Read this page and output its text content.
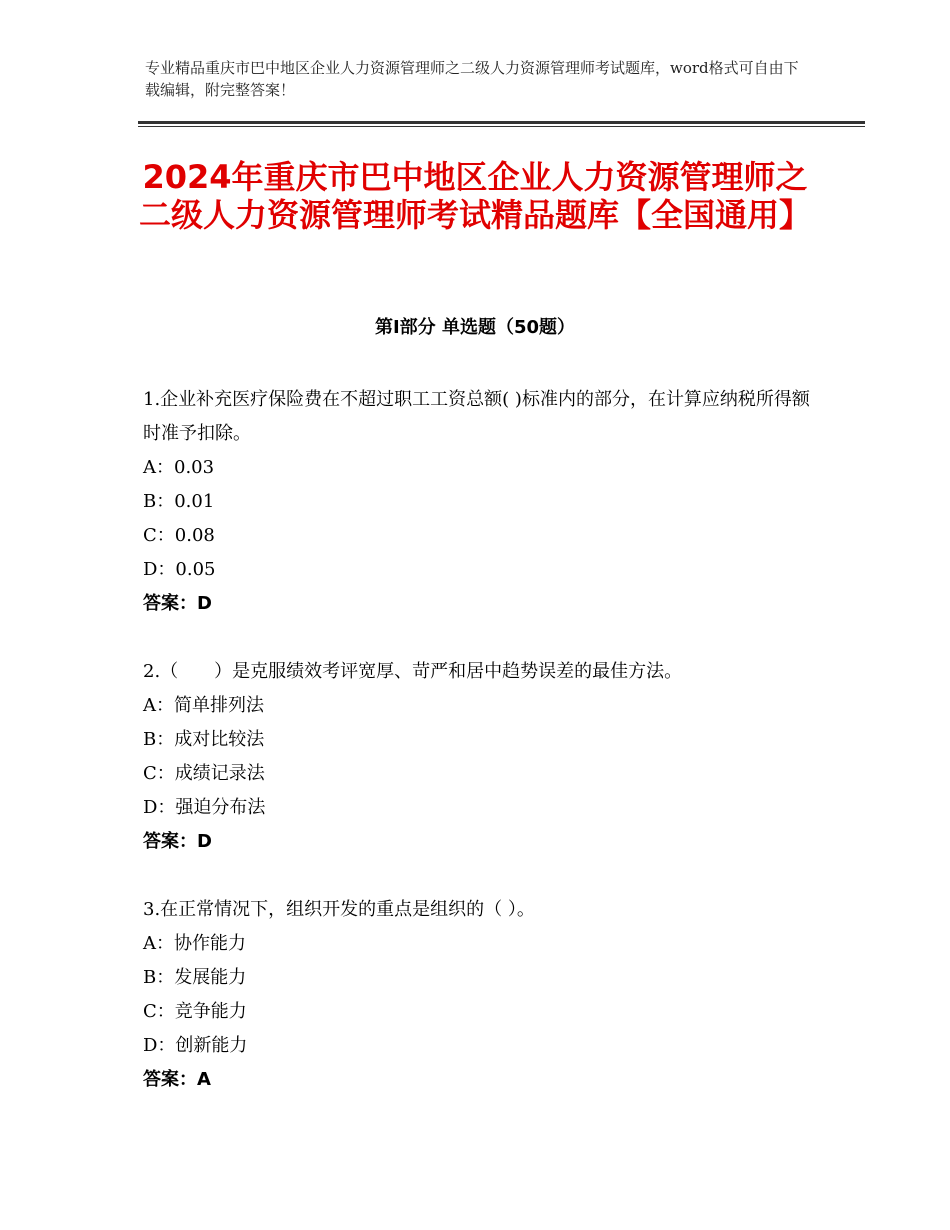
专业精品重庆市巴中地区企业人力资源管理师之二级人力资源管理师考试题库，word格式可自由下载编辑，附完整答案！
2024年重庆市巴中地区企业人力资源管理师之二级人力资源管理师考试精品题库【全国通用】
第Ⅰ部分 单选题（50题）
1.企业补充医疗保险费在不超过职工工资总额( )标准内的部分，在计算应纳税所得额时准予扣除。
A：0.03
B：0.01
C：0.08
D：0.05
答案：D
2.（　　）是克服绩效考评宽厚、苛严和居中趋势误差的最佳方法。
A：简单排列法
B：成对比较法
C：成绩记录法
D：强迫分布法
答案：D
3.在正常情况下，组织开发的重点是组织的（ ）。
A：协作能力
B：发展能力
C：竞争能力
D：创新能力
答案：A
